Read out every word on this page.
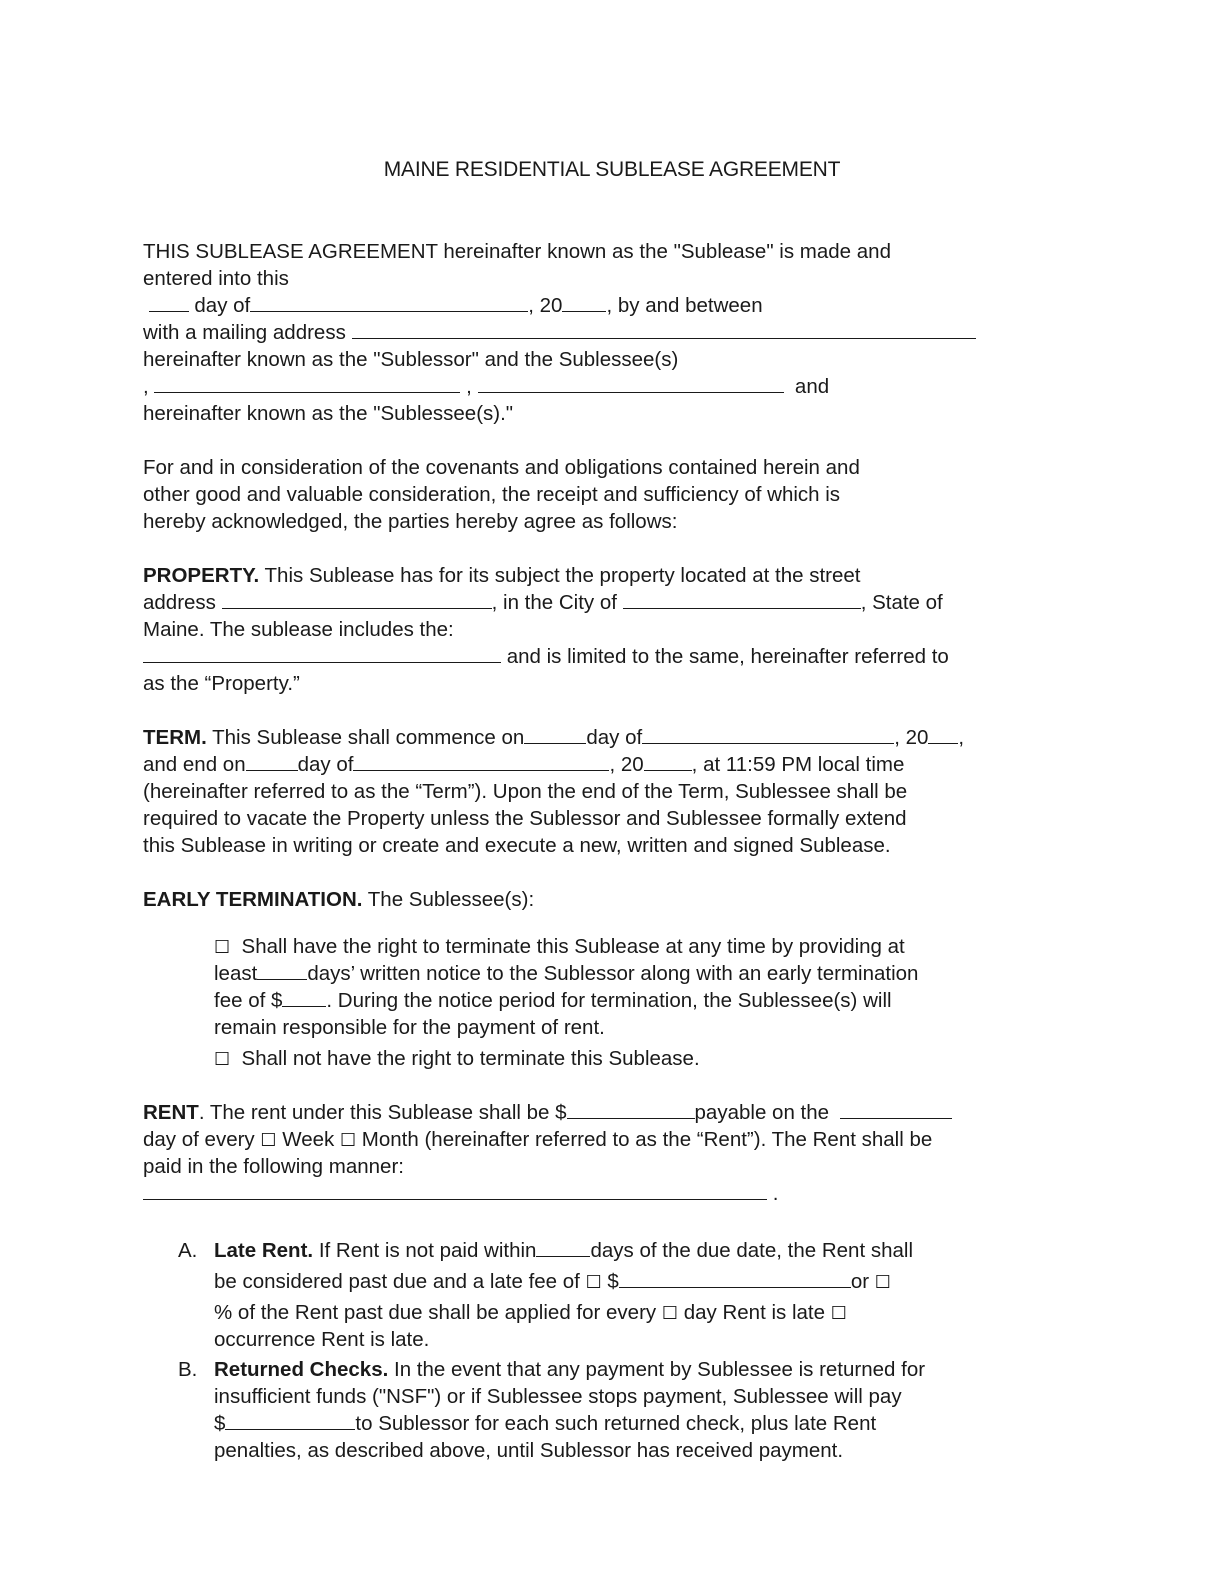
MAINE RESIDENTIAL SUBLEASE AGREEMENT
THIS SUBLEASE AGREEMENT hereinafter known as the "Sublease" is made and
entered into this
day of	, 20 , by and between
with a mailing address
hereinafter known as the "Sublessor" and the Sublessee(s)
,	,	and
hereinafter known as the "Sublessee(s)."
For and in consideration of the covenants and obligations contained herein and
other good and valuable consideration, the receipt and sufficiency of which is
hereby acknowledged, the parties hereby agree as follows:
PROPERTY. This Sublease has for its subject the property located at the street
address	, in the City of	, State of
Maine. The sublease includes the:
and is limited to the same, hereinafter referred to
as the “Property.”
TERM. This Sublease shall commence on	day of	, 20 ,
and end on	day of	, 20 , at 11:59 PM local time
(hereinafter referred to as the “Term”). Upon the end of the Term, Sublessee shall be
required to vacate the Property unless the Sublessor and Sublessee formally extend
this Sublease in writing or create and execute a new, written and signed Sublease.
EARLY TERMINATION. The Sublessee(s):
☐ Shall have the right to terminate this Sublease at any time by providing at
least days’ written notice to the Sublessor along with an early termination
fee of $ . During the notice period for termination, the Sublessee(s) will
remain responsible for the payment of rent.
☐ Shall not have the right to terminate this Sublease.
RENT. The rent under this Sublease shall be $	payable on the
day of every ☐ Week ☐ Month (hereinafter referred to as the “Rent”). The Rent shall be
paid in the following manner:
.
A. Late Rent. If Rent is not paid within	days of the due date, the Rent shall
be considered past due and a late fee of ☐ $	or ☐
% of the Rent past due shall be applied for every ☐ day Rent is late ☐
occurrence Rent is late.
B. Returned Checks. In the event that any payment by Sublessee is returned for
insufficient funds ("NSF") or if Sublessee stops payment, Sublessee will pay
$	to Sublessor for each such returned check, plus late Rent
penalties, as described above, until Sublessor has received payment.
